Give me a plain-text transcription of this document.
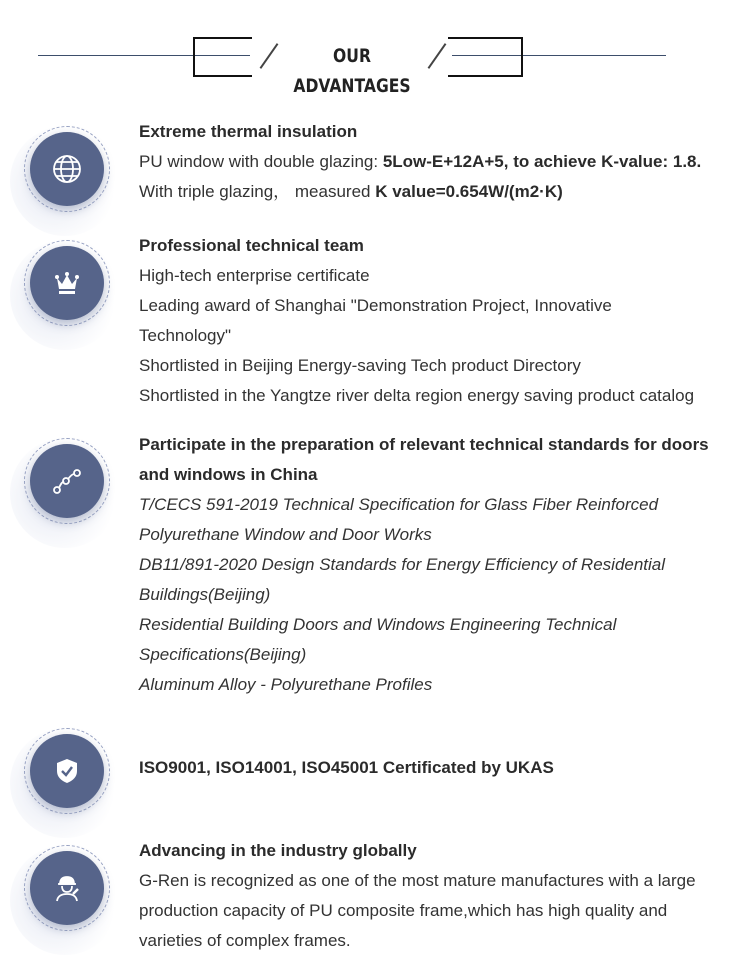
OUR ADVANTAGES
Extreme thermal insulation
PU window with double glazing: 5Low-E+12A+5, to achieve K-value: 1.8.
With triple glazing， measured K value=0.654W/(m2·K)
Professional technical team
High-tech enterprise certificate
Leading award of Shanghai "Demonstration Project, Innovative Technology"
Shortlisted in Beijing Energy-saving Tech product Directory
Shortlisted in the Yangtze river delta region energy saving product catalog
Participate in the preparation of relevant technical standards for doors and windows in China
T/CECS 591-2019 Technical Specification for Glass Fiber Reinforced Polyurethane Window and Door Works
DB11/891-2020 Design Standards for Energy Efficiency of Residential Buildings(Beijing)
Residential Building Doors and Windows Engineering Technical Specifications(Beijing)
Aluminum Alloy - Polyurethane Profiles
ISO9001, ISO14001, ISO45001 Certificated by UKAS
Advancing in the industry globally
G-Ren is recognized as one of the most mature manufactures with a large production capacity of PU composite frame,which has high quality and varieties of complex frames.
